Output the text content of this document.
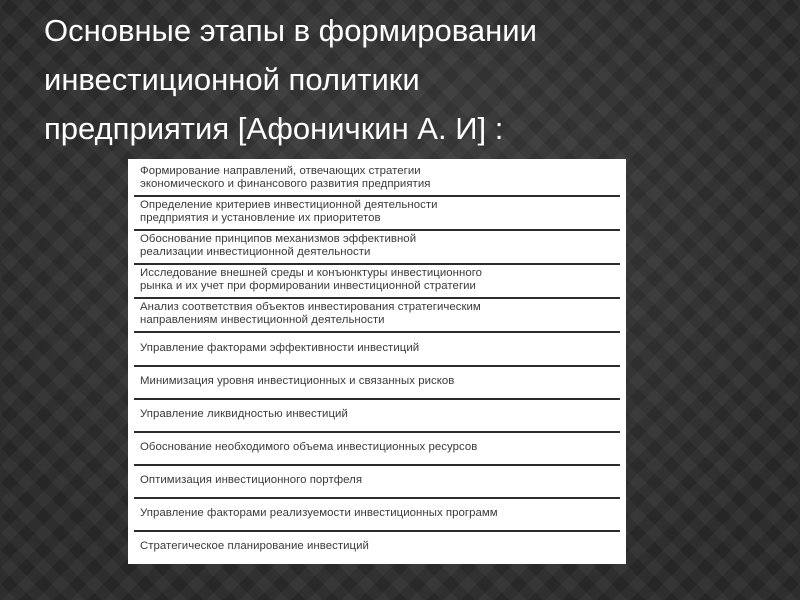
Основные этапы в формировании
инвестиционной политики
предприятия [Афоничкин А. И] :
Формирование направлений, отвечающих стратегии
экономического и финансового развития предприятия
Определение критериев инвестиционной деятельности
предприятия и установление их приоритетов
Обоснование принципов механизмов эффективной
реализации инвестиционной деятельности
Исследование внешней среды и конъюнктуры инвестиционного
рынка и их учет при формировании инвестиционной стратегии
Анализ соответствия объектов инвестирования стратегическим
направлениям инвестиционной деятельности
Управление факторами эффективности инвестиций
Минимизация уровня инвестиционных и связанных рисков
Управление ликвидностью инвестиций
Обоснование необходимого объема инвестиционных ресурсов
Оптимизация инвестиционного портфеля
Управление факторами реализуемости инвестиционных программ
Стратегическое планирование инвестиций
